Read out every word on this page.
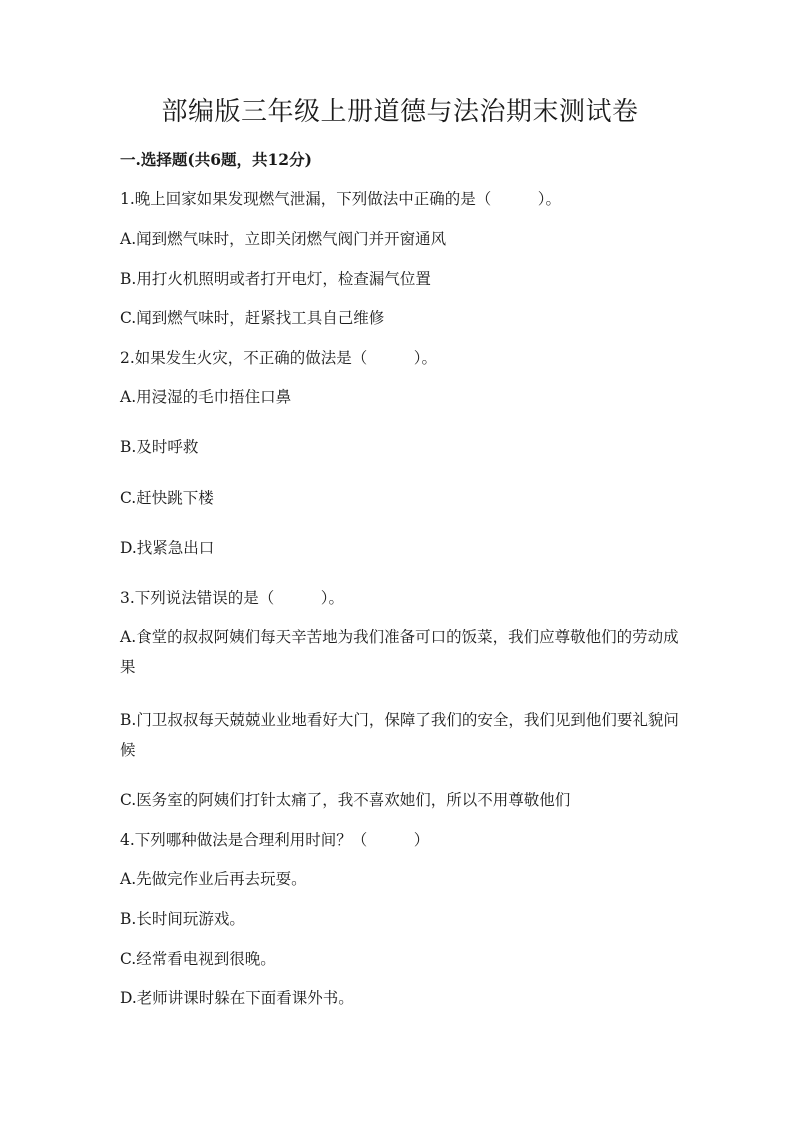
部编版三年级上册道德与法治期末测试卷
一.选择题(共6题，共12分)
1.晚上回家如果发现燃气泄漏，下列做法中正确的是（　　　）。
A.闻到燃气味时，立即关闭燃气阀门并开窗通风
B.用打火机照明或者打开电灯，检查漏气位置
C.闻到燃气味时，赶紧找工具自己维修
2.如果发生火灾，不正确的做法是（　　　）。
A.用浸湿的毛巾捂住口鼻
B.及时呼救
C.赶快跳下楼
D.找紧急出口
3.下列说法错误的是（　　　）。
A.食堂的叔叔阿姨们每天辛苦地为我们准备可口的饭菜，我们应尊敬他们的劳动成果
B.门卫叔叔每天兢兢业业地看好大门，保障了我们的安全，我们见到他们要礼貌问候
C.医务室的阿姨们打针太痛了，我不喜欢她们，所以不用尊敬他们
4.下列哪种做法是合理利用时间？（　　　）
A.先做完作业后再去玩耍。
B.长时间玩游戏。
C.经常看电视到很晚。
D.老师讲课时躲在下面看课外书。
